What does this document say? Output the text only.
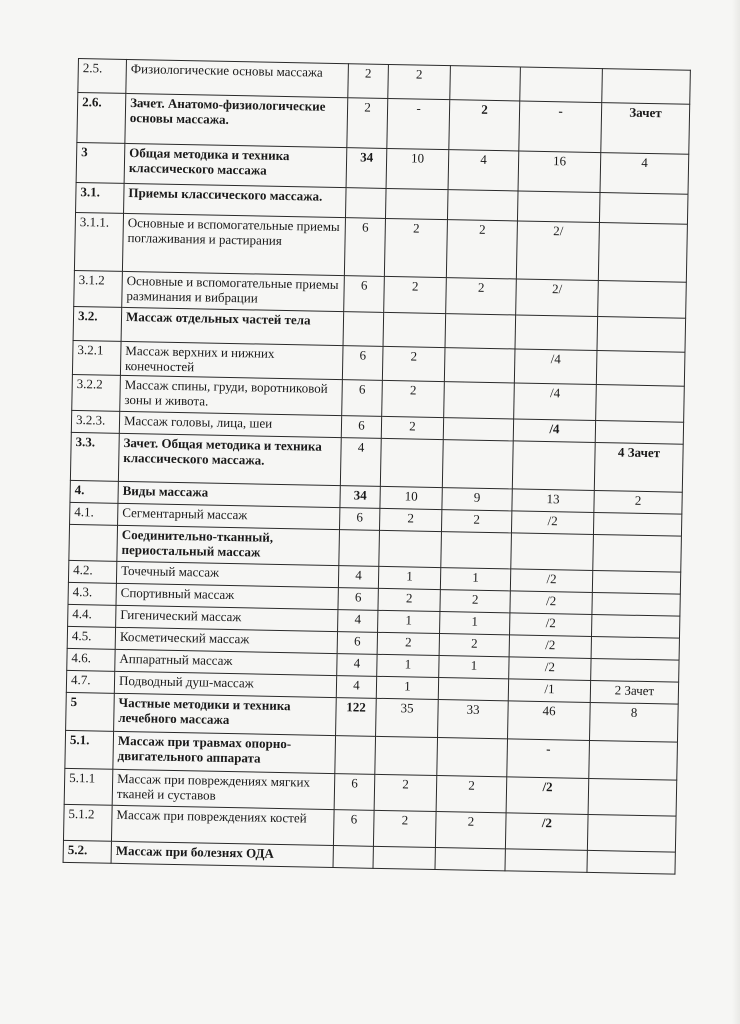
2.5.	Физиологические основы массажа	2	2			
2.6.	Зачет. Анатомо-физиологические основы массажа.	2	-	2	-	Зачет
3	Общая методика и техника классического массажа	34	10	4	16	4
3.1.	Приемы классического массажа.					
3.1.1.	Основные и вспомогательные приемы поглаживания и растирания	6	2	2	2/	
3.1.2	Основные и вспомогательные приемы разминания и вибрации	6	2	2	2/	
3.2.	Массаж отдельных частей тела					
3.2.1	Массаж верхних и нижних конечностей	6	2		/4	
3.2.2	Массаж спины, груди, воротниковой зоны и живота.	6	2		/4	
3.2.3.	Массаж головы, лица, шеи	6	2		/4	
3.3.	Зачет. Общая методика и техника классического массажа.	4				4 Зачет
4.	Виды массажа	34	10	9	13	2
4.1.	Сегментарный массаж	6	2	2	/2	
	Соединительно-тканный, периостальный массаж					
4.2.	Точечный массаж	4	1	1	/2	
4.3.	Спортивный массаж	6	2	2	/2	
4.4.	Гигенический массаж	4	1	1	/2	
4.5.	Косметический массаж	6	2	2	/2	
4.6.	Аппаратный массаж	4	1	1	/2	
4.7.	Подводный душ-массаж	4	1		/1	2 Зачет
5	Частные методики и техника лечебного массажа	122	35	33	46	8
5.1.	Массаж при травмах опорно-двигательного аппарата				-	
5.1.1	Массаж при повреждениях мягких тканей и суставов	6	2	2	/2	
5.1.2	Массаж при повреждениях костей	6	2	2	/2	
5.2.	Массаж при болезнях ОДА					
